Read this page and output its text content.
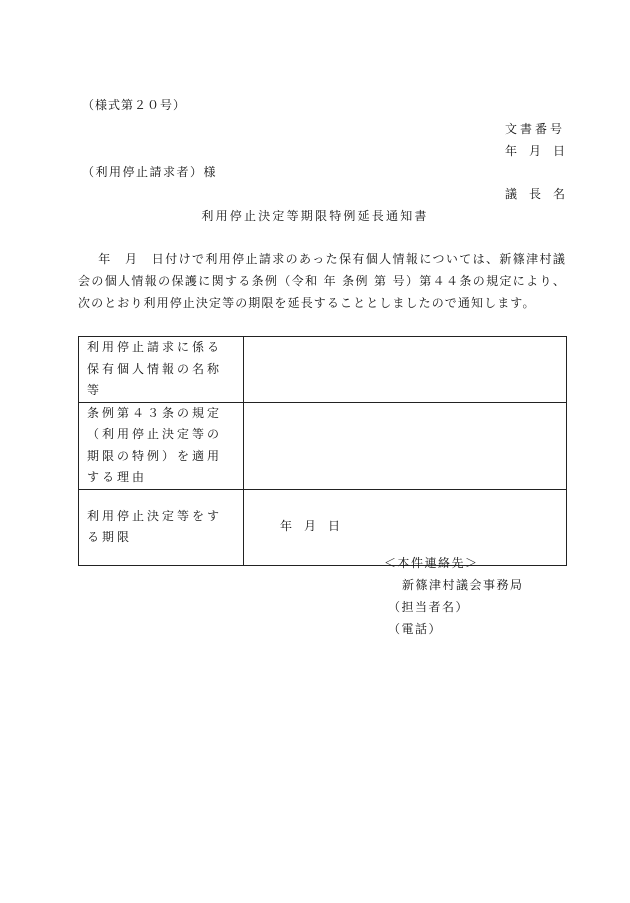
（様式第２０号）
文書番号
年　月　日
（利用停止請求者）様
議　長　名
利用停止決定等期限特例延長通知書
年　月　日付けで利用停止請求のあった保有個人情報については、新篠津村議会の個人情報の保護に関する条例（令和 年 条例 第 号）第４４条の規定により、次のとおり利用停止決定等の期限を延長することとしましたので通知します。
利用停止請求に係る保有個人情報の名称等	
条例第４３条の規定（利用停止決定等の期限の特例）を適用する理由	
利用停止決定等をする期限	年　月　日
＜本件連絡先＞
新篠津村議会事務局
（担当者名）
（電話）
